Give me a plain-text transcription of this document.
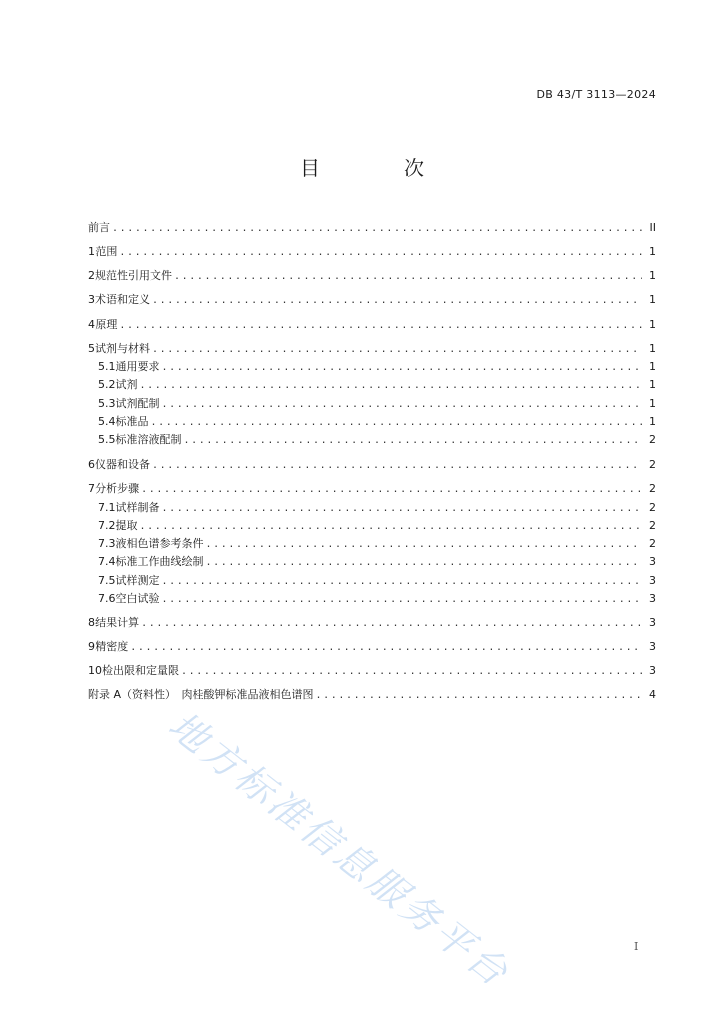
DB 43/T 3113—2024
目　次
前言 .....	II
1 范围 .....	1
2 规范性引用文件 .....	1
3 术语和定义 .....	1
4 原理 .....	1
5 试剂与材料 .....	1
5.1 通用要求 .....	1
5.2 试剂 .....	1
5.3 试剂配制 .....	1
5.4 标准品 .....	1
5.5 标准溶液配制 .....	2
6 仪器和设备 .....	2
7 分析步骤 .....	2
7.1 试样制备 .....	2
7.2 提取 .....	2
7.3 液相色谱参考条件 .....	2
7.4 标准工作曲线绘制 .....	3
7.5 试样测定 .....	3
7.6 空白试验 .....	3
8 结果计算 .....	3
9 精密度 .....	3
10 检出限和定量限 .....	3
附录 A（资料性）　肉桂酸钾标准品液相色谱图 .....	4
I
地方标准信息服务平台
